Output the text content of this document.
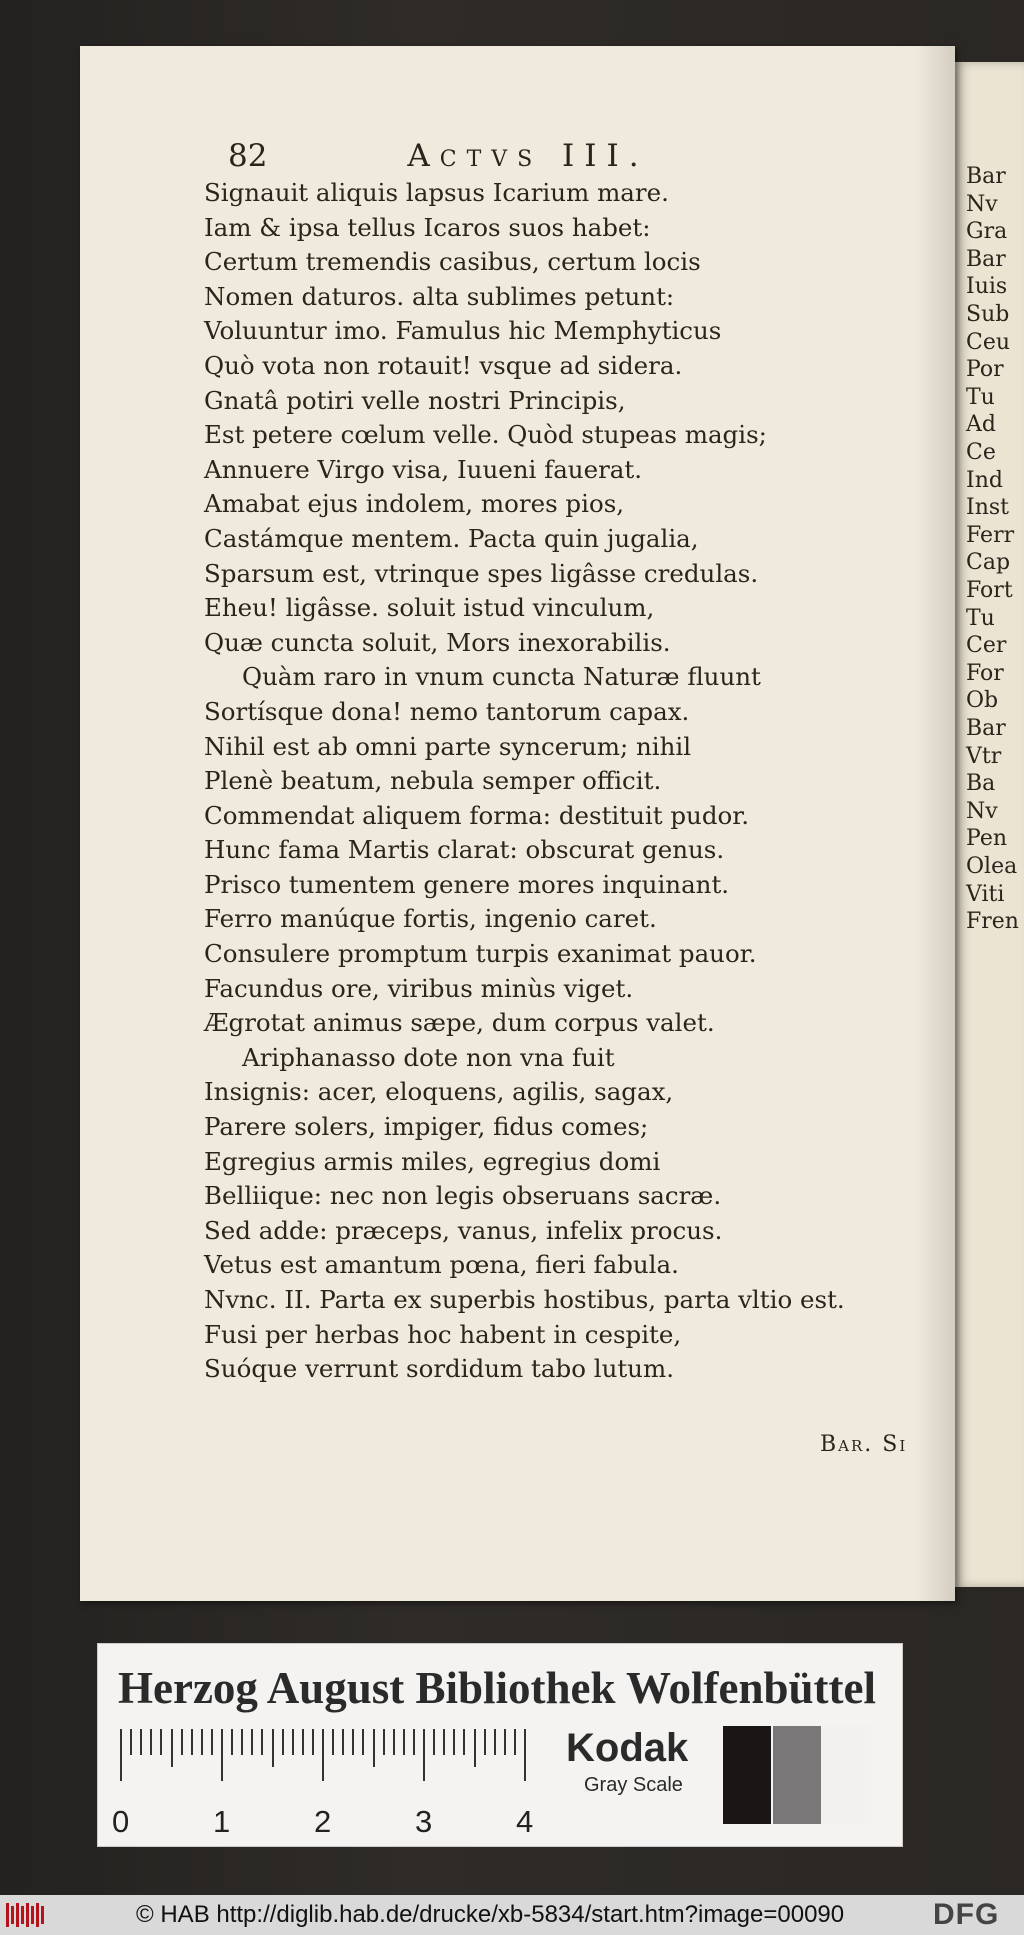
Bar
Nv
Gra
Bar
Iuis
Sub
Ceu
Por
Tu
Ad
Ce
Ind
Inst
Ferr
Cap
Fort
Tu
Cer
For
Ob
Bar
Vtr
Ba
Nv
Pen
Olea
Viti
Fren
82	Actvs III.
Signauit aliquis lapsus Icarium mare.
Iam & ipsa tellus Icaros suos habet:
Certum tremendis casibus, certum locis
Nomen daturos. alta sublimes petunt:
Voluuntur imo. Famulus hic Memphyticus
Quò vota non rotauit! vsque ad sidera.
Gnatâ potiri velle nostri Principis,
Est petere cœlum velle. Quòd stupeas magis;
Annuere Virgo visa, Iuueni fauerat.
Amabat ejus indolem, mores pios,
Castámque mentem. Pacta quin jugalia,
Sparsum est, vtrinque spes ligâsse credulas.
Eheu! ligâsse. soluit istud vinculum,
Quæ cuncta soluit, Mors inexorabilis.
Quàm raro in vnum cuncta Naturæ fluunt
Sortísque dona! nemo tantorum capax.
Nihil est ab omni parte syncerum; nihil
Plenè beatum, nebula semper officit.
Commendat aliquem forma: destituit pudor.
Hunc fama Martis clarat: obscurat genus.
Prisco tumentem genere mores inquinant.
Ferro manúque fortis, ingenio caret.
Consulere promptum turpis exanimat pauor.
Facundus ore, viribus minùs viget.
Ægrotat animus sæpe, dum corpus valet.
Ariphanasso dote non vna fuit
Insignis: acer, eloquens, agilis, sagax,
Parere solers, impiger, fidus comes;
Egregius armis miles, egregius domi
Belliique: nec non legis obseruans sacræ.
Sed adde: præceps, vanus, infelix procus.
Vetus est amantum pœna, fieri fabula.
Nvnc. II. Parta ex superbis hostibus, parta vltio est.
Fusi per herbas hoc habent in cespite,
Suóque verrunt sordidum tabo lutum.
Bar. Si
Herzog August Bibliothek Wolfenbüttel
0	1	2	3	4
Kodak
Gray Scale
© HAB http://diglib.hab.de/drucke/xb-5834/start.htm?image=00090	DFG
